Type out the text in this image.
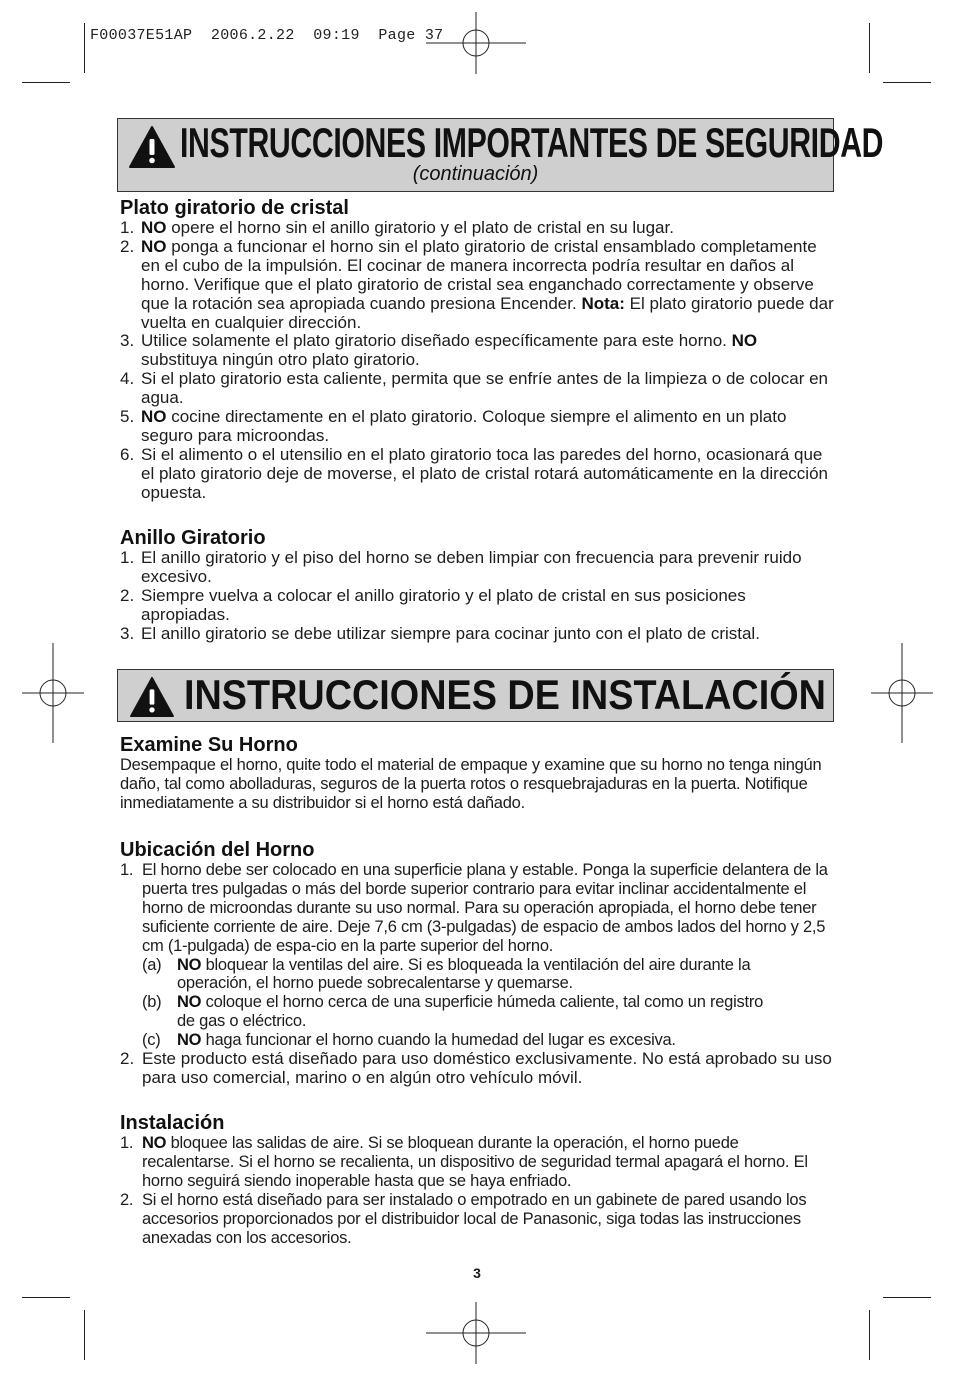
F00037E51AP  2006.2.22  09:19  Page 37
INSTRUCCIONES IMPORTANTES DE SEGURIDAD
(continuación)
Plato giratorio de cristal
1. NO opere el horno sin el anillo giratorio y el plato de cristal en su lugar.
2. NO ponga a funcionar el horno sin el plato giratorio de cristal ensamblado completamente en el cubo de la impulsión. El cocinar de manera incorrecta podría resultar en daños al horno. Verifique que el plato giratorio de cristal sea enganchado correctamente y observe que la rotación sea apropiada cuando presiona Encender. Nota: El plato giratorio puede dar vuelta en cualquier dirección.
3. Utilice solamente el plato giratorio diseñado específicamente para este horno. NO substituya ningún otro plato giratorio.
4. Si el plato giratorio esta caliente, permita que se enfríe antes de la limpieza o de colocar en agua.
5. NO cocine directamente en el plato giratorio. Coloque siempre el alimento en un plato seguro para microondas.
6. Si el alimento o el utensilio en el plato giratorio toca las paredes del horno, ocasionará que el plato giratorio deje de moverse, el plato de cristal rotará automáticamente en la dirección opuesta.
Anillo Giratorio
1. El anillo giratorio y el piso del horno se deben limpiar con frecuencia para prevenir ruido excesivo.
2. Siempre vuelva a colocar el anillo giratorio y el plato de cristal en sus posiciones apropiadas.
3. El anillo giratorio se debe utilizar siempre para cocinar junto con el plato de cristal.
INSTRUCCIONES DE INSTALACIÓN
Examine Su Horno

Desempaque el horno, quite todo el material de empaque y examine que su horno no tenga ningún daño, tal como abolladuras, seguros de la puerta rotos o resquebrajaduras en la puerta. Notifique inmediatamente a su distribuidor si el horno está dañado.

Ubicación del Horno
1. El horno debe ser colocado en una superficie plana y estable. Ponga la superficie delantera de la puerta tres pulgadas o más del borde superior contrario para evitar inclinar accidentalmente el horno de microondas durante su uso normal. Para su operación apropiada, el horno debe tener suficiente corriente de aire. Deje 7,6 cm (3-pulgadas) de espacio de ambos lados del horno y 2,5 cm (1-pulgada) de espa-cio en la parte superior del horno.
(a) NO bloquear la ventilas del aire. Si es bloqueada la ventilación del aire durante la operación, el horno puede sobrecalentarse y quemarse.
(b) NO coloque el horno cerca de una superficie húmeda caliente, tal como un registro de gas o eléctrico.
(c) NO haga funcionar el horno cuando la humedad del lugar es excesiva.
2. Este producto está diseñado para uso doméstico exclusivamente. No está aprobado su uso para uso comercial, marino o en algún otro vehículo móvil.
Instalación
1. NO bloquee las salidas de aire. Si se bloquean durante la operación, el horno puede recalentarse. Si el horno se recalienta, un dispositivo de seguridad termal apagará el horno. El horno seguirá siendo inoperable hasta que se haya enfriado.
2. Si el horno está diseñado para ser instalado o empotrado en un gabinete de pared usando los accesorios proporcionados por el distribuidor local de Panasonic, siga todas las instrucciones anexadas con los accesorios.
3
